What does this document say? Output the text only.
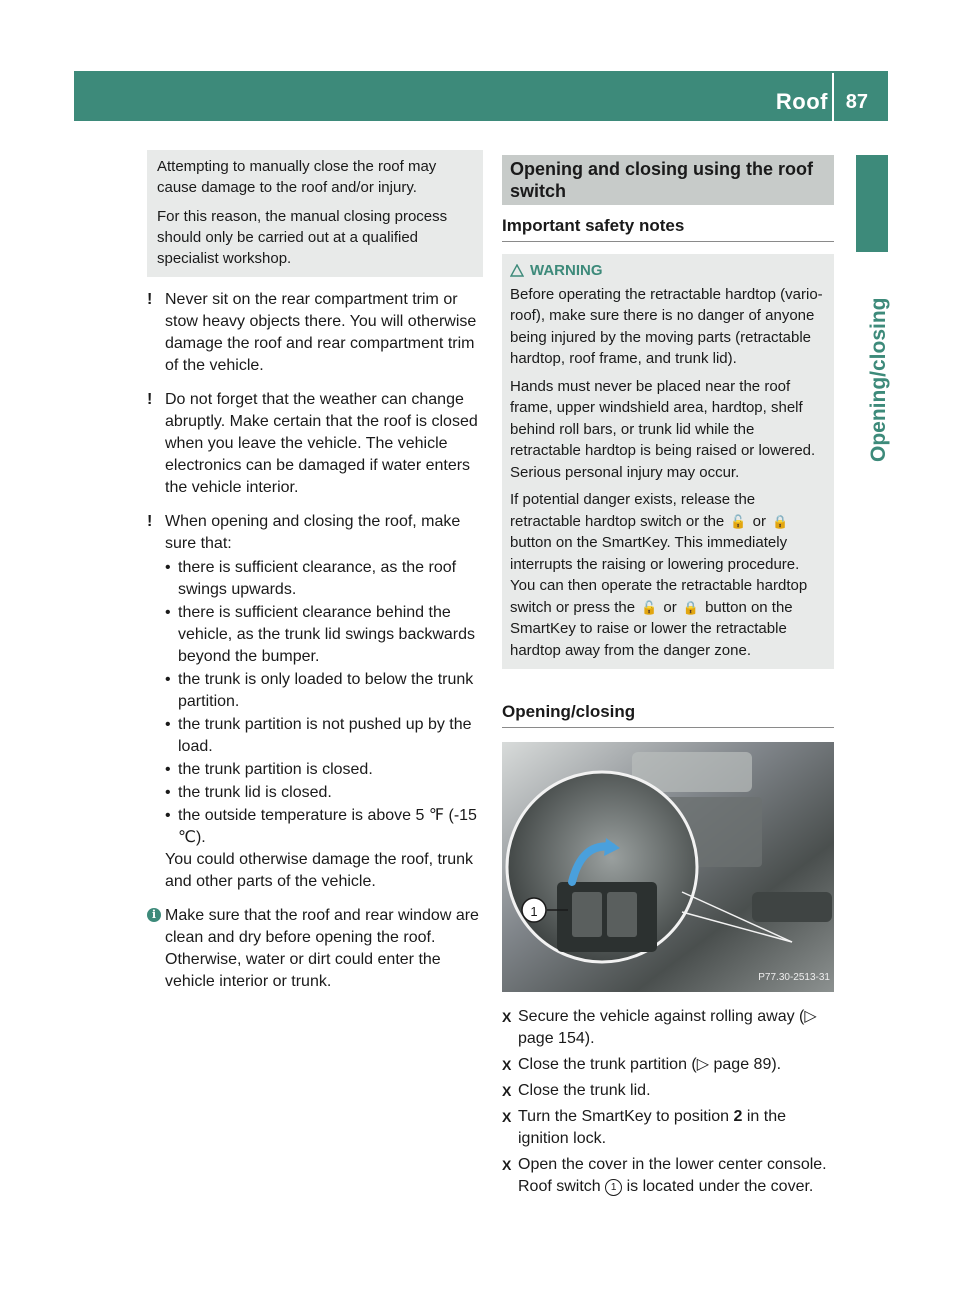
Roof 87
Opening/closing

Attempting to manually close the roof may cause damage to the roof and/or injury.

For this reason, the manual closing process should only be carried out at a qualified specialist workshop.

! Never sit on the rear compartment trim or stow heavy objects there. You will otherwise damage the roof and rear compartment trim of the vehicle.

! Do not forget that the weather can change abruptly. Make certain that the roof is closed when you leave the vehicle. The vehicle electronics can be damaged if water enters the vehicle interior.

! When opening and closing the roof, make sure that:

• there is sufficient clearance, as the roof swings upwards.
• there is sufficient clearance behind the vehicle, as the trunk lid swings backwards beyond the bumper.
• the trunk is only loaded to below the trunk partition.
• the trunk partition is not pushed up by the load.
• the trunk partition is closed.
• the trunk lid is closed.
• the outside temperature is above 5 ℉ (‑15 ℃).

You could otherwise damage the roof, trunk and other parts of the vehicle.

i Make sure that the roof and rear window are clean and dry before opening the roof. Otherwise, water or dirt could enter the vehicle interior or trunk.

Opening and closing using the roof switch
Important safety notes
WARNING

Before operating the retractable hardtop (vario-roof), make sure there is no danger of anyone being injured by the moving parts (retractable hardtop, roof frame, and trunk lid).

Hands must never be placed near the roof frame, upper windshield area, hardtop, shelf behind roll bars, or trunk lid while the retractable hardtop is being raised or lowered. Serious personal injury may occur.

If potential danger exists, release the retractable hardtop switch or the 🔓 or 🔒 button on the SmartKey. This immediately interrupts the raising or lowering procedure. You can then operate the retractable hardtop switch or press the 🔓 or 🔒 button on the SmartKey to raise or lower the retractable hardtop away from the danger zone.

Opening/closing
1
P77.30-2513-31
X Secure the vehicle against rolling away (▷ page 154).
X Close the trunk partition (▷ page 89).
X Close the trunk lid.
X Turn the SmartKey to position 2 in the ignition lock.
X Open the cover in the lower center console. Roof switch 1 is located under the cover.
